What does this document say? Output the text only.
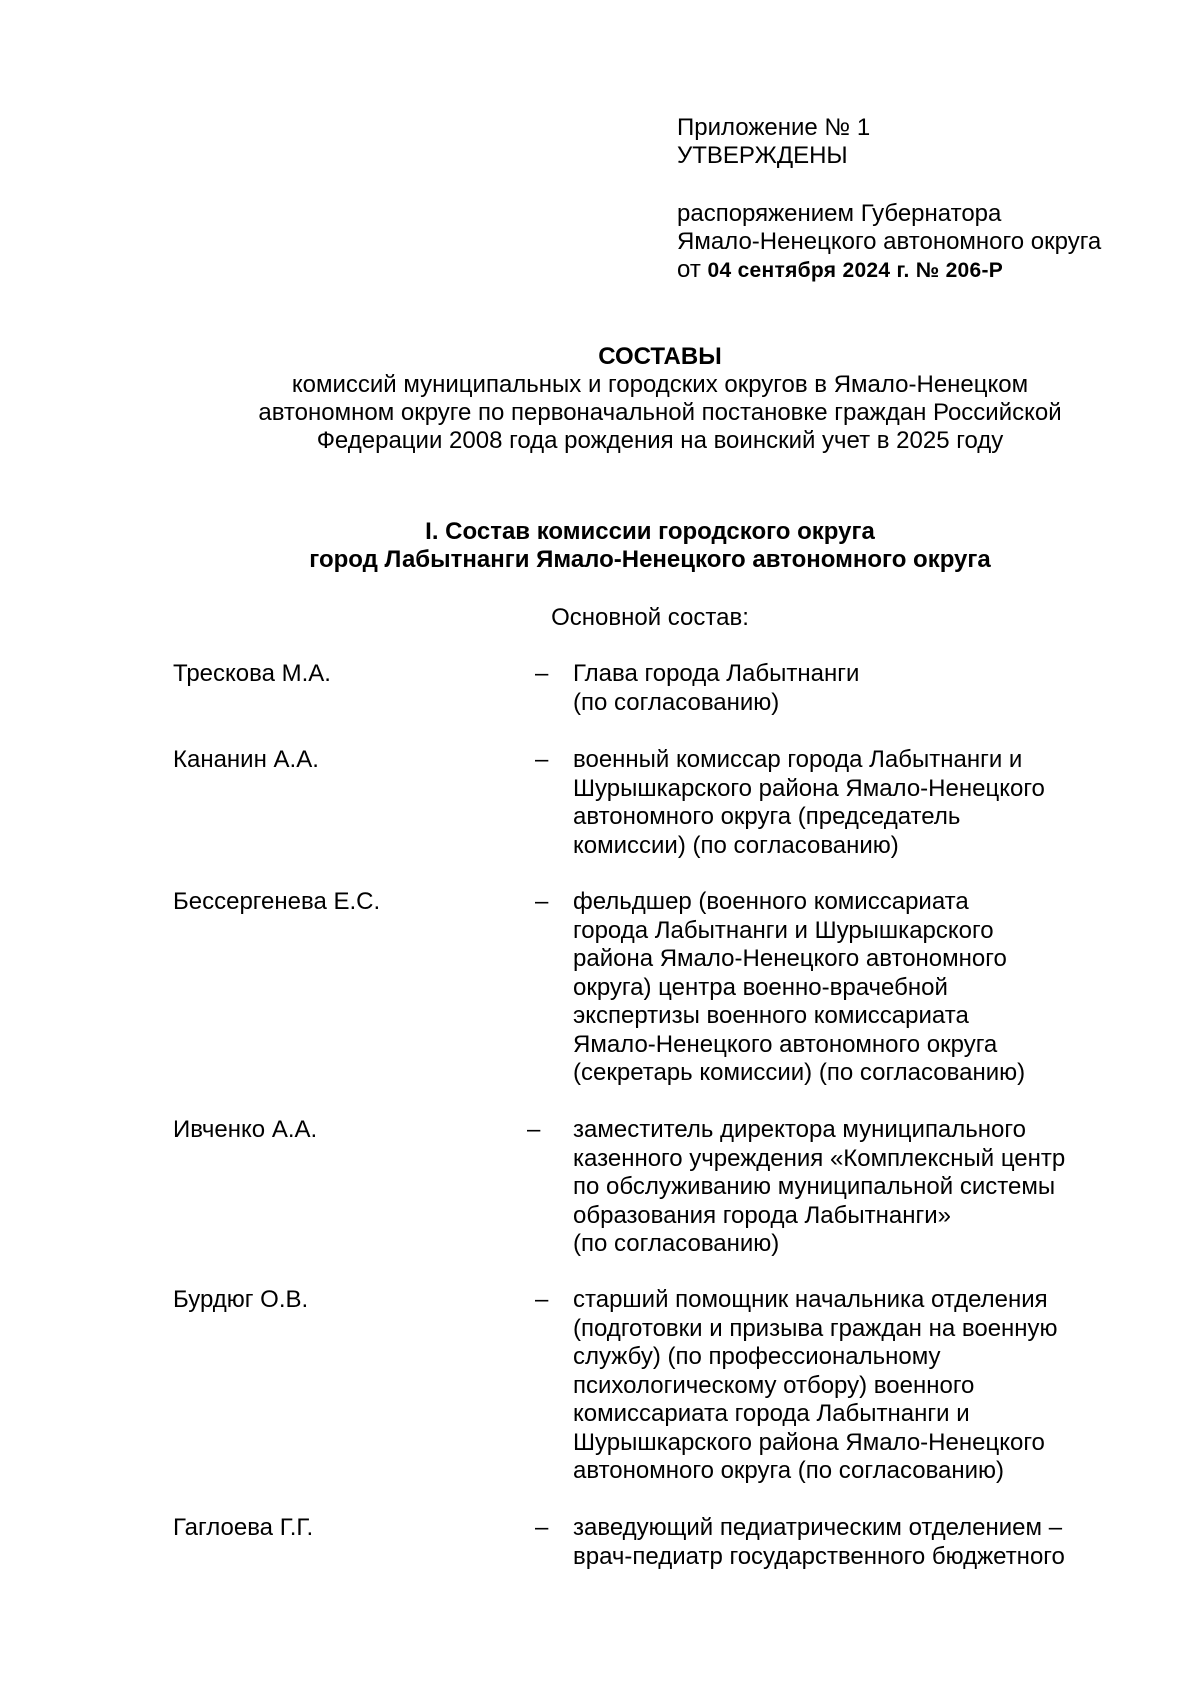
Приложение № 1
УТВЕРЖДЕНЫ
распоряжением Губернатора
Ямало-Ненецкого автономного округа
от 04 сентября 2024 г. № 206-Р
СОСТАВЫ
комиссий муниципальных и городских округов в Ямало-Ненецком
автономном округе по первоначальной постановке граждан Российской
Федерации 2008 года рождения на воинский учет в 2025 году
I. Состав комиссии городского округа
город Лабытнанги Ямало-Ненецкого автономного округа
Основной состав:
Трескова М.А.	– Глава города Лабытнанги
(по согласованию)
Кананин А.А.	– военный комиссар города Лабытнанги и
Шурышкарского района Ямало-Ненецкого
автономного округа (председатель
комиссии) (по согласованию)
Бессергенева Е.С.	– фельдшер (военного комиссариата
города Лабытнанги и Шурышкарского
района Ямало-Ненецкого автономного
округа) центра военно-врачебной
экспертизы военного комиссариата
Ямало-Ненецкого автономного округа
(секретарь комиссии) (по согласованию)
Ивченко А.А.	– заместитель директора муниципального
казенного учреждения «Комплексный центр
по обслуживанию муниципальной системы
образования города Лабытнанги»
(по согласованию)
Бурдюг О.В.	– старший помощник начальника отделения
(подготовки и призыва граждан на военную
службу) (по профессиональному
психологическому отбору) военного
комиссариата города Лабытнанги и
Шурышкарского района Ямало-Ненецкого
автономного округа (по согласованию)
Гаглоева Г.Г.	– заведующий педиатрическим отделением –
врач-педиатр государственного бюджетного
